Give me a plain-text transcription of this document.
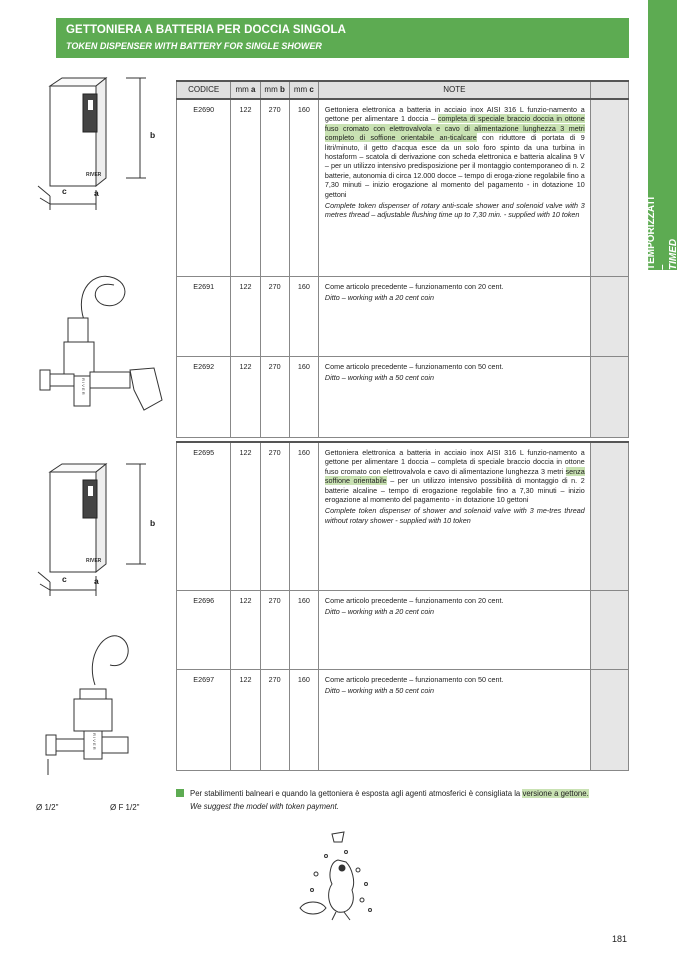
GETTONIERA A BATTERIA PER DOCCIA SINGOLA
TOKEN DISPENSER WITH BATTERY FOR SINGLE SHOWER
TEMPORIZZATI – TIMED
RIVER
b
c	a
R I V E R
RIVER
b
c	a
R I V E R
Ø 1/2"	Ø F 1/2"
CODICE	mm a	mm b	mm c	NOTE	
E2690	122	270	160	Gettoniera elettronica a batteria in acciaio inox AISI 316 L funzio-namento a gettone per alimentare 1 doccia – completa di speciale braccio doccia in ottone fuso cromato con elettrovalvola e cavo di alimentazione lunghezza 3 metri completo di soffione orientabile an-ticalcare con riduttore di portata di 9 litri/minuto, il getto d'acqua esce da un solo foro spinto da una turbina in hostaform – scatola di derivazione con scheda elettronica e batteria alcalina 9 V – per un utilizzo intensivo predisposizione per il montaggio contemporaneo di n. 2 batterie, autonomia di circa 12.000 docce – tempo di eroga-zione regolabile fino a 7,30 minuti – inizio erogazione al momento del pagamento - in dotazione 10 gettoni
Complete token dispenser of rotary anti-scale shower and solenoid valve with 3 metres thread – adjustable flushing time up to 7,30 min. - supplied with 10 token	

E2691	122	270	160	Come articolo precedente – funzionamento con 20 cent.
Ditto – working with a 20 cent coin	

E2692	122	270	160	Come articolo precedente – funzionamento con 50 cent.
Ditto – working with a 50 cent coin	

E2695	122	270	160	Gettoniera elettronica a batteria in acciaio inox AISI 316 L funzio-namento a gettone per alimentare 1 doccia – completa di speciale braccio doccia in ottone fuso cromato con elettrovalvola e cavo di alimentazione lunghezza 3 metri senza soffione orientabile – per un utilizzo intensivo possibilità di montaggio di n. 2 batterie alcaline – tempo di erogazione regolabile fino a 7,30 minuti – inizio erogazione al momento del pagamento - in dotazione 10 gettoni
Complete token dispenser of shower and solenoid valve with 3 me-tres thread without rotary shower - supplied with 10 token	

E2696	122	270	160	Come articolo precedente – funzionamento con 20 cent.
Ditto – working with a 20 cent coin	

E2697	122	270	160	Come articolo precedente – funzionamento con 50 cent.
Ditto – working with a 50 cent coin	

Per stabilimenti balneari e quando la gettoniera è esposta agli agenti atmosferici è consigliata la versione a gettone.
We suggest the model with token payment.
181
